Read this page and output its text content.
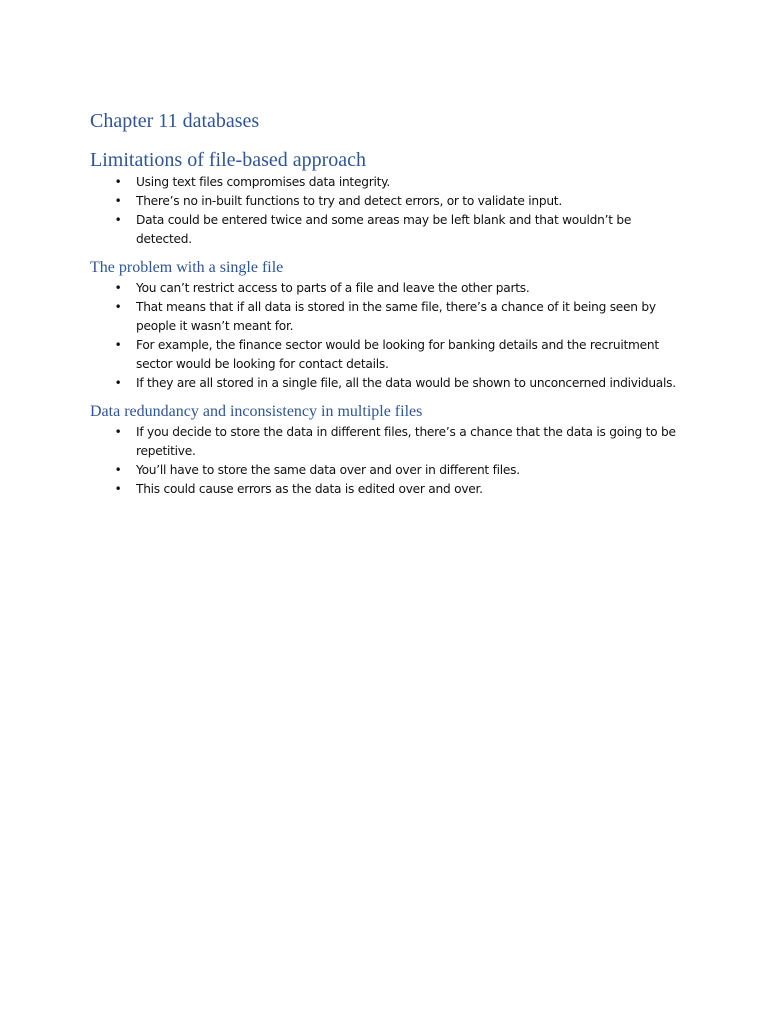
Chapter 11 databases
Limitations of file-based approach
• Using text files compromises data integrity.
• There’s no in-built functions to try and detect errors, or to validate input.
• Data could be entered twice and some areas may be left blank and that wouldn’t be detected.
The problem with a single file
• You can’t restrict access to parts of a file and leave the other parts.
• That means that if all data is stored in the same file, there’s a chance of it being seen by people it wasn’t meant for.
• For example, the finance sector would be looking for banking details and the recruitment sector would be looking for contact details.
• If they are all stored in a single file, all the data would be shown to unconcerned individuals.
Data redundancy and inconsistency in multiple files
• If you decide to store the data in different files, there’s a chance that the data is going to be repetitive.
• You’ll have to store the same data over and over in different files.
• This could cause errors as the data is edited over and over.
